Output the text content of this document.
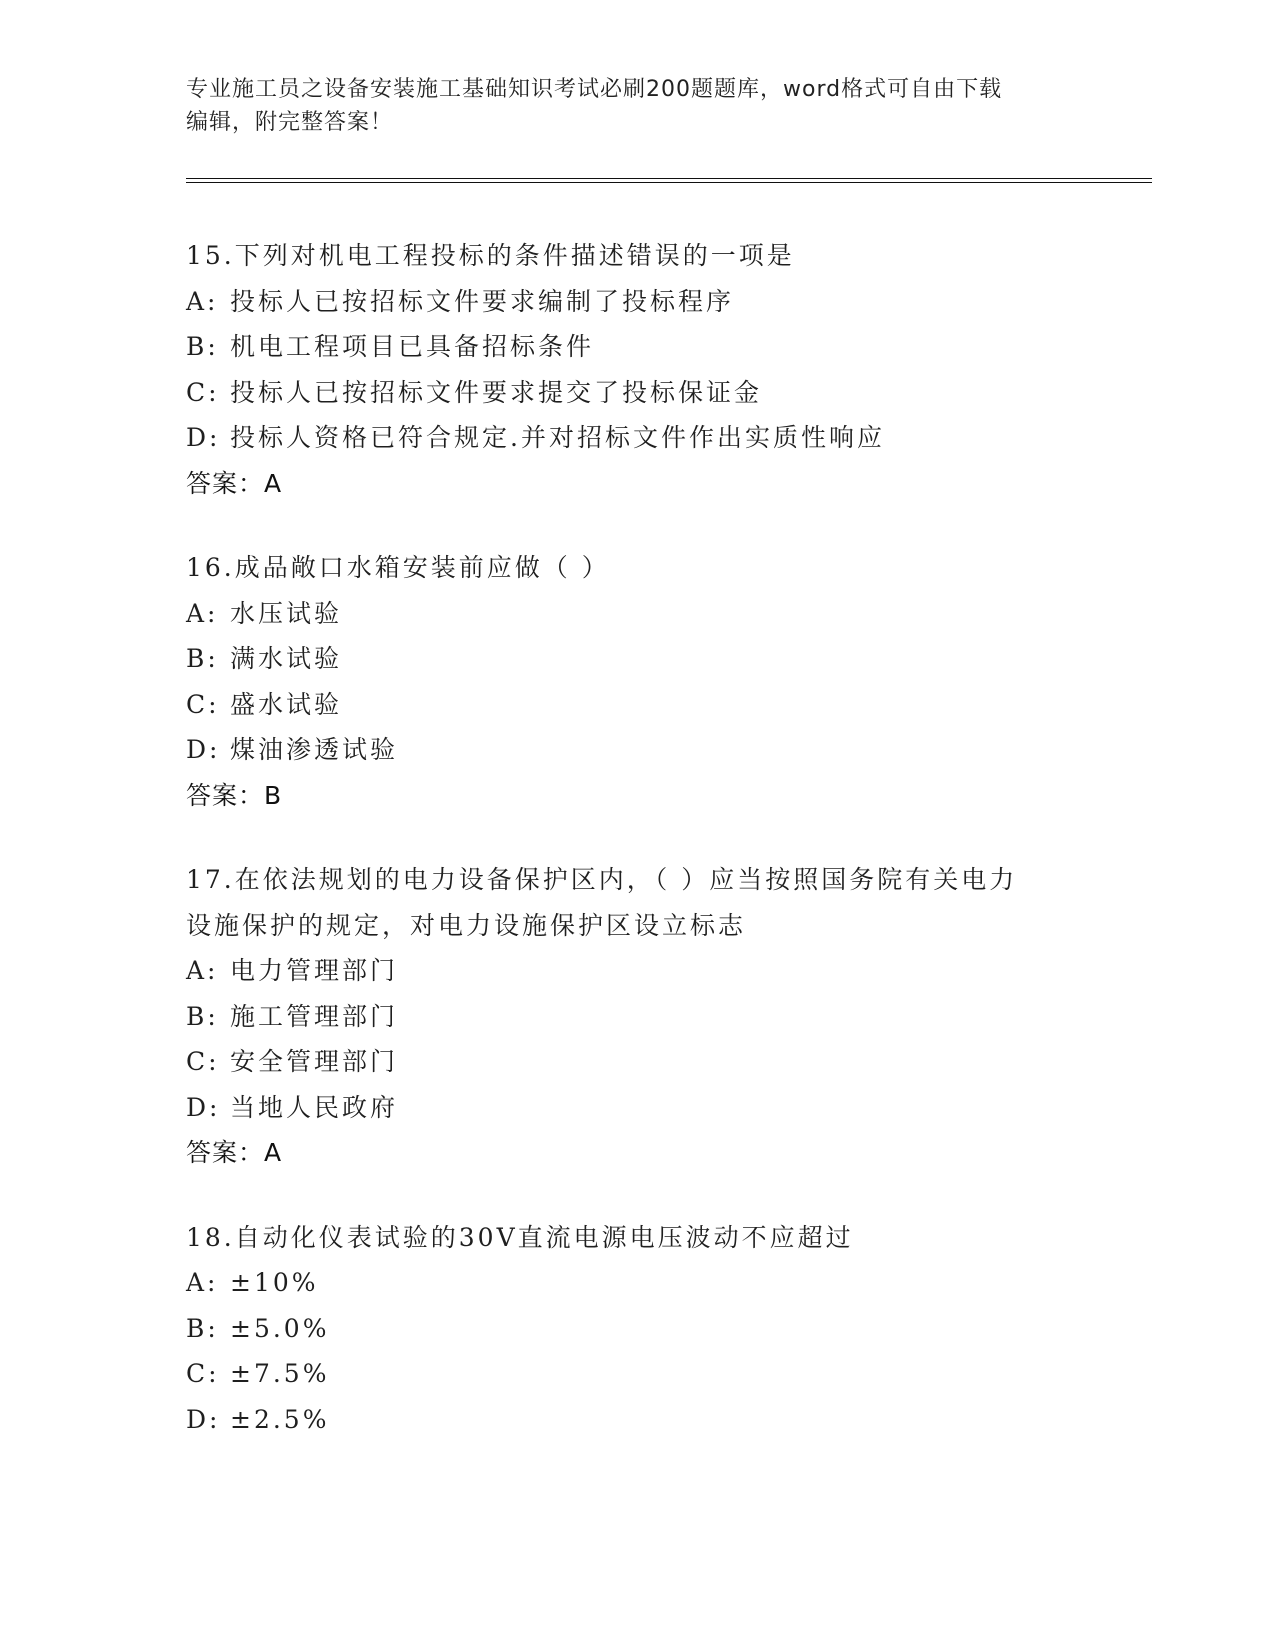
专业施工员之设备安装施工基础知识考试必刷200题题库，word格式可自由下载
编辑，附完整答案！
15.下列对机电工程投标的条件描述错误的一项是
A: 投标人已按招标文件要求编制了投标程序
B: 机电工程项目已具备招标条件
C: 投标人已按招标文件要求提交了投标保证金
D: 投标人资格已符合规定.并对招标文件作出实质性响应
答案：A
16.成品敞口水箱安装前应做（ ）
A: 水压试验
B: 满水试验
C: 盛水试验
D: 煤油渗透试验
答案：B
17.在依法规划的电力设备保护区内，（ ）应当按照国务院有关电力
设施保护的规定，对电力设施保护区设立标志
A: 电力管理部门
B: 施工管理部门
C: 安全管理部门
D: 当地人民政府
答案：A
18.自动化仪表试验的30V直流电源电压波动不应超过
A: ±10%
B: ±5.0%
C: ±7.5%
D: ±2.5%
